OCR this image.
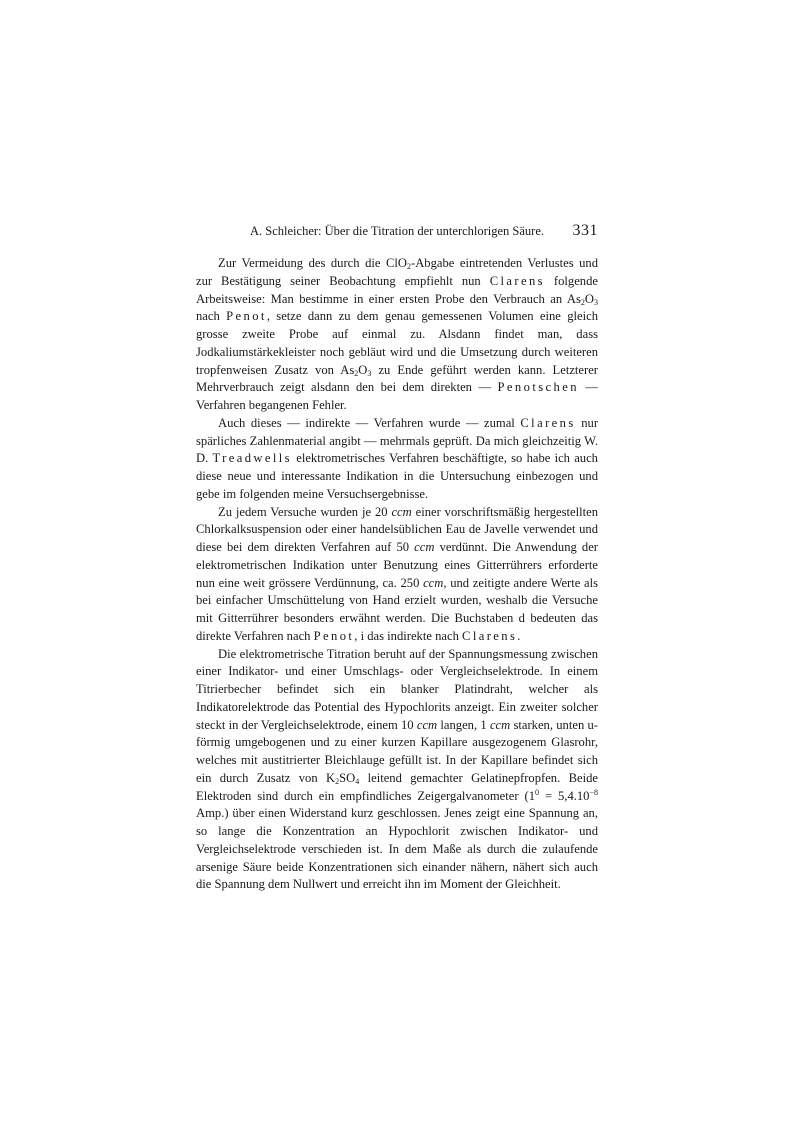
A. Schleicher: Über die Titration der unterchlorigen Säure. 331

Zur Vermeidung des durch die ClO$_2$-Abgabe eintretenden Verlustes und zur Bestätigung seiner Beobachtung empfiehlt nun Clarens folgende Arbeitsweise: Man bestimme in einer ersten Probe den Verbrauch an $As_2O_3$ nach Penot, setze dann zu dem genau gemessenen Volumen eine gleich grosse zweite Probe auf einmal zu. Alsdann findet man, dass Jodkaliumstärkekleister noch gebläut wird und die Umsetzung durch weiteren tropfenweisen Zusatz von $As_2O_3$ zu Ende geführt werden kann. Letzterer Mehrverbrauch zeigt alsdann den bei dem direkten — Penotschen — Verfahren begangenen Fehler.

Auch dieses — indirekte — Verfahren wurde — zumal Clarens nur spärliches Zahlenmaterial angibt — mehrmals geprüft. Da mich gleichzeitig W. D. Treadwells elektrometrisches Verfahren beschäftigte, so habe ich auch diese neue und interessante Indikation in die Untersuchung einbezogen und gebe im folgenden meine Versuchsergebnisse.

Zu jedem Versuche wurden je 20 ccm einer vorschriftsmäßig hergestellten Chlorkalksuspension oder einer handelsüblichen Eau de Javelle verwendet und diese bei dem direkten Verfahren auf 50 ccm verdünnt. Die Anwendung der elektrometrischen Indikation unter Benutzung eines Gitterrührers erforderte nun eine weit grössere Verdünnung, ca. 250 ccm, und zeitigte andere Werte als bei einfacher Umschüttelung von Hand erzielt wurden, weshalb die Versuche mit Gitterrührer besonders erwähnt werden. Die Buchstaben d bedeuten das direkte Verfahren nach Penot, i das indirekte nach Clarens.

Die elektrometrische Titration beruht auf der Spannungsmessung zwischen einer Indikator- und einer Umschlags- oder Vergleichselektrode. In einem Titrierbecher befindet sich ein blanker Platindraht, welcher als Indikatorelektrode das Potential des Hypochlorits anzeigt. Ein zweiter solcher steckt in der Vergleichselektrode, einem 10 ccm langen, 1 ccm starken, unten u-förmig umgebogenen und zu einer kurzen Kapillare ausgezogenem Glasrohr, welches mit austitrierter Bleichlauge gefüllt ist. In der Kapillare befindet sich ein durch Zusatz von $K_2SO_4$ leitend gemachter Gelatinepfropfen. Beide Elektroden sind durch ein empfindliches Zeigergalvanometer ($1^0 = 5,4.10^{-8}$ Amp.) über einen Widerstand kurz geschlossen. Jenes zeigt eine Spannung an, so lange die Konzentration an Hypochlorit zwischen Indikator- und Vergleichselektrode verschieden ist. In dem Maße als durch die zulaufende arsenige Säure beide Konzentrationen sich einander nähern, nähert sich auch die Spannung dem Nullwert und erreicht ihn im Moment der Gleichheit.
